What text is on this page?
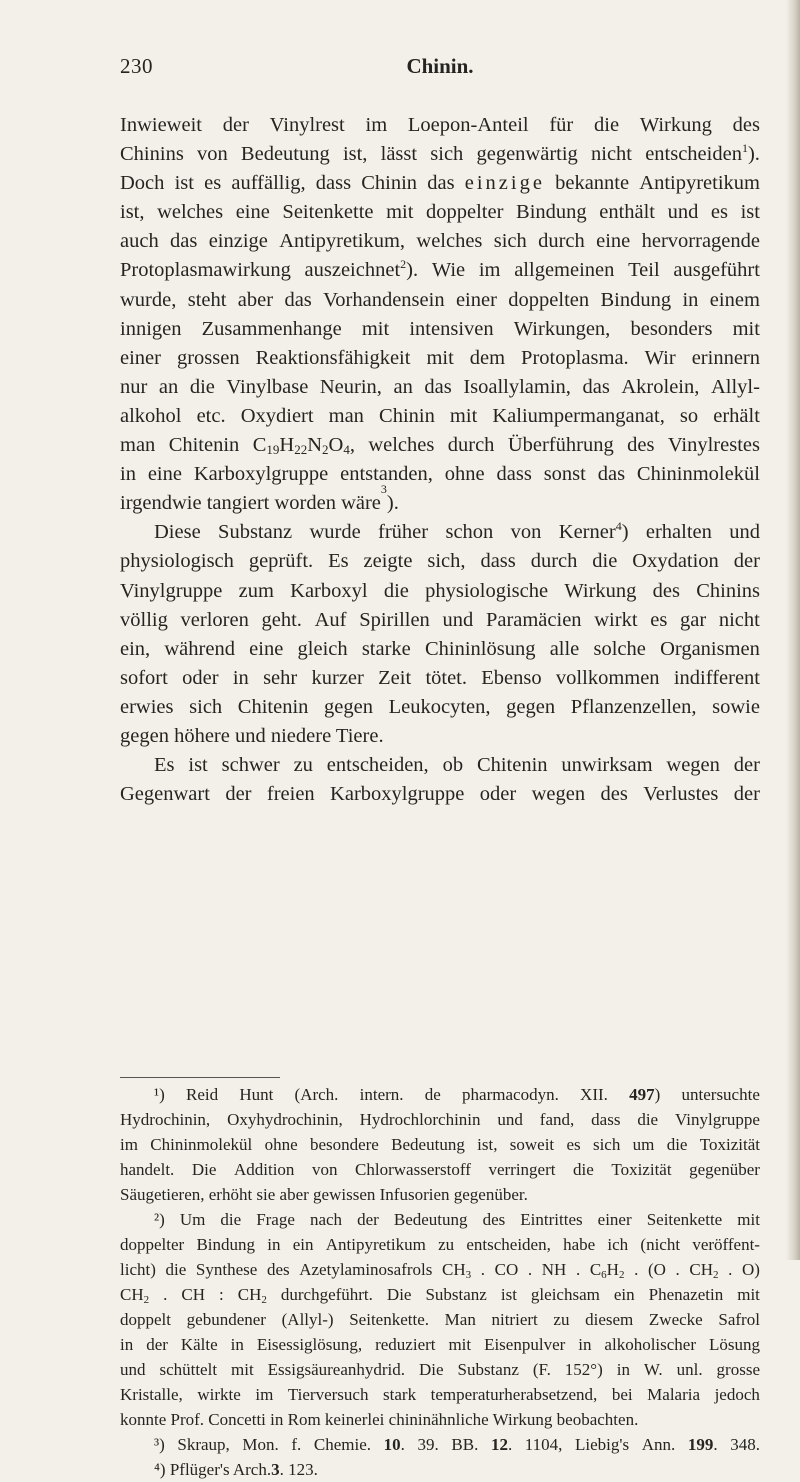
230	Chinin.
Inwieweit der Vinylrest im Loepon-Anteil für die Wirkung des
Chinins von Bedeutung ist, lässt sich gegenwärtig nicht entscheiden$^1$).
Doch ist es auffällig, dass Chinin das einzige bekannte Antipyretikum
ist, welches eine Seitenkette mit doppelter Bindung enthält und es ist
auch das einzige Antipyretikum, welches sich durch eine hervorragende
Protoplasmawirkung auszeichnet$^2$). Wie im allgemeinen Teil ausgeführt
wurde, steht aber das Vorhandensein einer doppelten Bindung in einem
innigen Zusammenhange mit intensiven Wirkungen, besonders mit
einer grossen Reaktionsfähigkeit mit dem Protoplasma. Wir erinnern
nur an die Vinylbase Neurin, an das Isoallylamin, das Akrolein, Allyl-
alkohol etc. Oxydiert man Chinin mit Kaliumpermanganat, so erhält
man Chitenin $C_{19}H_{22}N_2O_4$, welches durch Überführung des Vinylrestes
in eine Karboxylgruppe entstanden, ohne dass sonst das Chininmolekül
irgendwie tangiert worden wäre
3
).
Diese Substanz wurde früher schon von Kerner$^4$) erhalten und
physiologisch geprüft. Es zeigte sich, dass durch die Oxydation der
Vinylgruppe zum Karboxyl die physiologische Wirkung des Chinins
völlig verloren geht. Auf Spirillen und Paramäcien wirkt es gar nicht
ein, während eine gleich starke Chininlösung alle solche Organismen
sofort oder in sehr kurzer Zeit tötet. Ebenso vollkommen indifferent
erwies sich Chitenin gegen Leukocyten, gegen Pflanzenzellen, sowie
gegen höhere und niedere Tiere.
Es ist schwer zu entscheiden, ob Chitenin unwirksam wegen der
Gegenwart der freien Karboxylgruppe oder wegen des Verlustes der
¹) Reid Hunt (Arch. intern. de pharmacodyn. XII. 497) untersuchte
Hydrochinin, Oxyhydrochinin, Hydrochlorchinin und fand, dass die Vinylgruppe
im Chininmolekül ohne besondere Bedeutung ist, soweit es sich um die Toxizität
handelt. Die Addition von Chlorwasserstoff verringert die Toxizität gegenüber
Säugetieren, erhöht sie aber gewissen Infusorien gegenüber.
²) Um die Frage nach der Bedeutung des Eintrittes einer Seitenkette mit
doppelter Bindung in ein Antipyretikum zu entscheiden, habe ich (nicht veröffent-
licht) die Synthese des Azetylaminosafrols $CH_3$ . CO . NH . $C_6H_2$ . (O . $CH_2$ . O)
$CH_2$ . CH : $CH_2$ durchgeführt. Die Substanz ist gleichsam ein Phenazetin mit
doppelt gebundener (Allyl-) Seitenkette. Man nitriert zu diesem Zwecke Safrol
in der Kälte in Eisessiglösung, reduziert mit Eisenpulver in alkoholischer Lösung
und schüttelt mit Essigsäureanhydrid. Die Substanz (F. 152°) in W. unl. grosse
Kristalle, wirkte im Tierversuch stark temperaturherabsetzend, bei Malaria jedoch
konnte Prof. Concetti in Rom keinerlei chininähnliche Wirkung beobachten.
³) Skraup, Mon. f. Chemie. 10. 39. BB. 12. 1104, Liebig's Ann. 199. 348.
⁴) Pflüger's Arch. 3 . 123.
